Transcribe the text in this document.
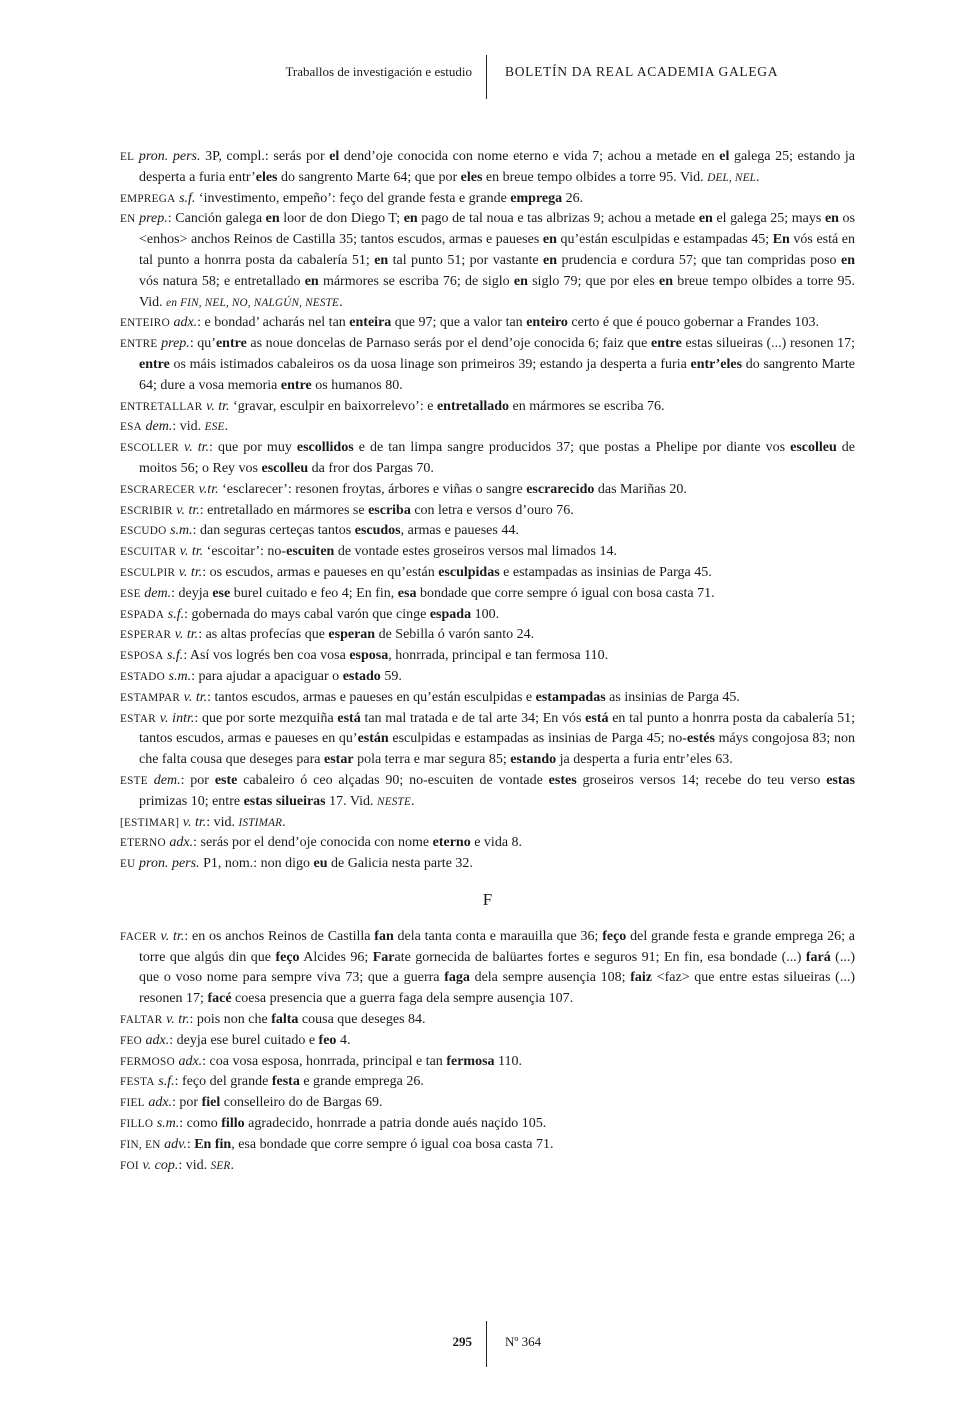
Traballos de investigación e estudio BOLETÍN DA REAL ACADEMIA GALEGA
EL pron. pers. 3P, compl.: serás por el dend’oje conocida con nome eterno e vida 7; achou a metade en el galega 25; estando ja desperta a furia entr’eles do sangrento Marte 64; que por eles en breue tempo olbides a torre 95. Vid. DEL, NEL.
EMPREGA s.f. ‘investimento, empeño’: feço del grande festa e grande emprega 26.
EN prep.: Canción galega en loor de don Diego T; en pago de tal noua e tas albrizas 9; achou a metade en el galega 25; mays en os <enhos> anchos Reinos de Castilla 35; tantos escudos, armas e paueses en qu’están esculpidas e estampadas 45; En vós está en tal punto a honrra posta da cabalería 51; en tal punto 51; por vastante en prudencia e cordura 57; que tan compridas poso en vós natura 58; e entretallado en mármores se escriba 76; de siglo en siglo 79; que por eles en breue tempo olbides a torre 95. Vid. en FIN, NEL, NO, NALGÚN, NESTE.
ENTEIRO adx.: e bondad’ acharás nel tan enteira que 97; que a valor tan enteiro certo é que é pouco gobernar a Frandes 103.
ENTRE prep.: qu’entre as noue doncelas de Parnaso serás por el dend’oje conocida 6; faiz que entre estas silueiras (...) resonen 17; entre os máis istimados cabaleiros os da uosa linage son primeiros 39; estando ja desperta a furia entr’eles do sangrento Marte 64; dure a vosa memoria entre os humanos 80.
ENTRETALLAR v. tr. ‘gravar, esculpir en baixorrelevo’: e entretallado en mármores se escriba 76.
ESA dem.: vid. ESE.
ESCOLLER v. tr.: que por muy escollidos e de tan limpa sangre producidos 37; que postas a Phelipe por diante vos escolleu de moitos 56; o Rey vos escolleu da fror dos Pargas 70.
ESCRARECER v.tr. ‘esclarecer’: resonen froytas, árbores e viñas o sangre escrarecido das Mariñas 20.
ESCRIBIR v. tr.: entretallado en mármores se escriba con letra e versos d’ouro 76.
ESCUDO s.m.: dan seguras certeças tantos escudos, armas e paueses 44.
ESCUITAR v. tr. ‘escoitar’: no-escuiten de vontade estes groseiros versos mal limados 14.
ESCULPIR v. tr.: os escudos, armas e paueses en qu’están esculpidas e estampadas as insinias de Parga 45.
ESE dem.: deyja ese burel cuitado e feo 4; En fin, esa bondade que corre sempre ó igual con bosa casta 71.
ESPADA s.f.: gobernada do mays cabal varón que cinge espada 100.
ESPERAR v. tr.: as altas profecías que esperan de Sebilla ó varón santo 24.
ESPOSA s.f.: Así vos logrés ben coa vosa esposa, honrrada, principal e tan fermosa 110.
ESTADO s.m.: para ajudar a apaciguar o estado 59.
ESTAMPAR v. tr.: tantos escudos, armas e paueses en qu’están esculpidas e estampadas as insinias de Parga 45.
ESTAR v. intr.: que por sorte mezquiña está tan mal tratada e de tal arte 34; En vós está en tal punto a honrra posta da cabalería 51; tantos escudos, armas e paueses en qu’están esculpidas e estampadas as insinias de Parga 45; no-estés máys congojosa 83; non che falta cousa que deseges para estar pola terra e mar segura 85; estando ja desperta a furia entr’eles 63.
ESTE dem.: por este cabaleiro ó ceo alçadas 90; no-escuiten de vontade estes groseiros versos 14; recebe do teu verso estas primizas 10; entre estas silueiras 17. Vid. NESTE.
[ESTIMAR] v. tr.: vid. ISTIMAR.
ETERNO adx.: serás por el dend’oje conocida con nome eterno e vida 8.
EU pron. pers. P1, nom.: non digo eu de Galicia nesta parte 32.
F
FACER v. tr.: en os anchos Reinos de Castilla fan dela tanta conta e marauilla que 36; feço del grande festa e grande emprega 26; a torre que algús din que feço Alcides 96; Farate gornecida de balüartes fortes e seguros 91; En fin, esa bondade (...) fará (...) que o voso nome para sempre viva 73; que a guerra faga dela sempre ausençia 108; faiz <faz> que entre estas silueiras (...) resonen 17; facé coesa presencia que a guerra faga dela sempre ausençia 107.
FALTAR v. tr.: pois non che falta cousa que deseges 84.
FEO adx.: deyja ese burel cuitado e feo 4.
FERMOSO adx.: coa vosa esposa, honrrada, principal e tan fermosa 110.
FESTA s.f.: feço del grande festa e grande emprega 26.
FIEL adx.: por fiel conselleiro do de Bargas 69.
FILLO s.m.: como fillo agradecido, honrrade a patria donde aués naçido 105.
FIN, EN adv.: En fin, esa bondade que corre sempre ó igual coa bosa casta 71.
FOI v. cop.: vid. SER.
295	Nº 364
